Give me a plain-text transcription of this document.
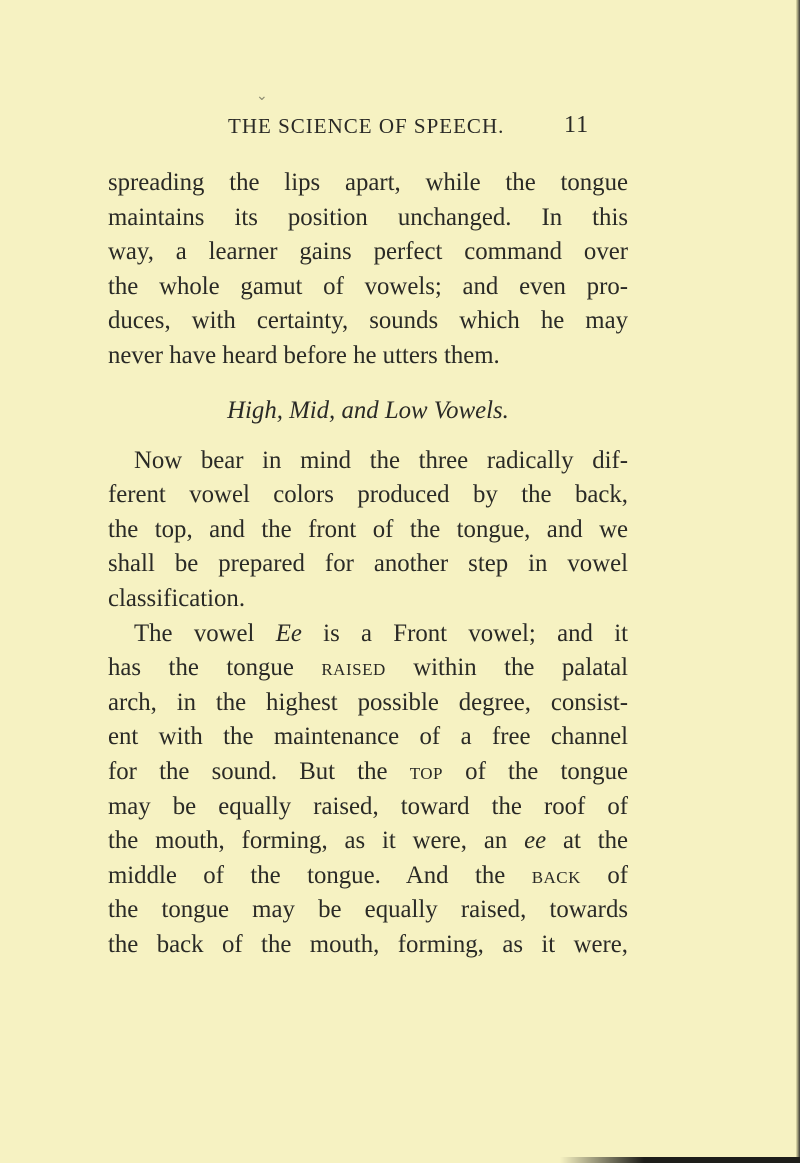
⌄
THE SCIENCE OF SPEECH. 11
spreading the lips apart, while the tongue
maintains its position unchanged. In this
way, a learner gains perfect command over
the whole gamut of vowels; and even pro-
duces, with certainty, sounds which he may
never have heard before he utters them.
High, Mid, and Low Vowels.
Now bear in mind the three radically dif-
ferent vowel colors produced by the back,
the top, and the front of the tongue, and we
shall be prepared for another step in vowel
classification.
The vowel Ee is a Front vowel; and it
has the tongue raised within the palatal
arch, in the highest possible degree, consist-
ent with the maintenance of a free channel
for the sound. But the top of the tongue
may be equally raised, toward the roof of
the mouth, forming, as it were, an ee at the
middle of the tongue. And the back of
the tongue may be equally raised, towards
the back of the mouth, forming, as it were,
